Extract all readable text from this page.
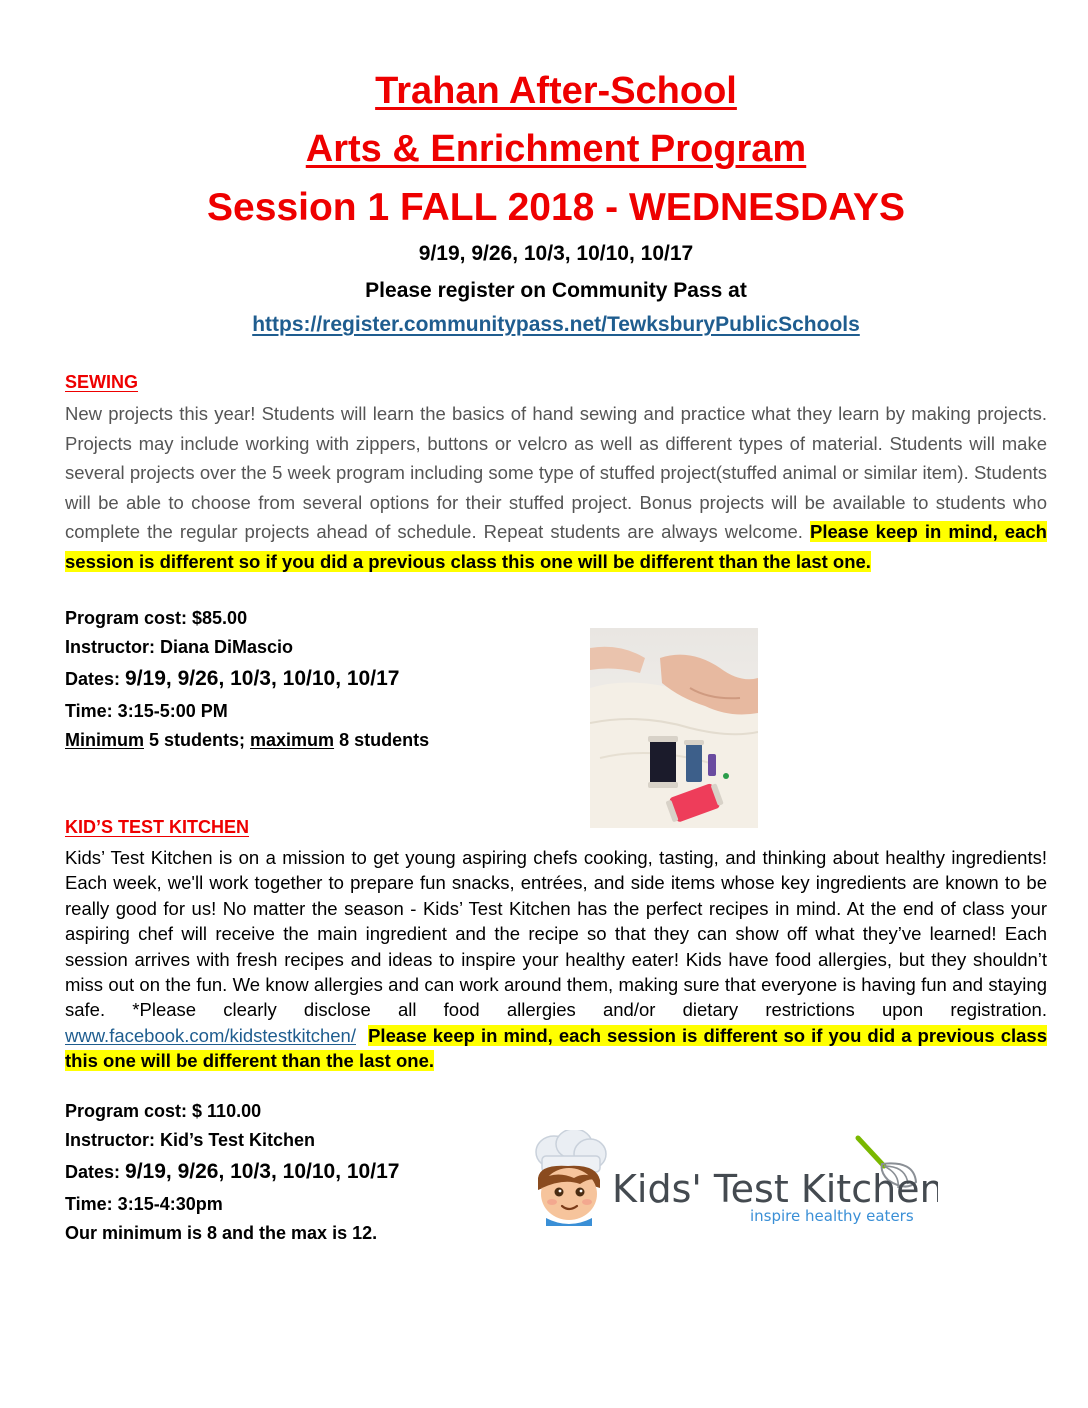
Trahan After-School
Arts & Enrichment Program
Session 1 FALL 2018 - WEDNESDAYS
9/19, 9/26, 10/3, 10/10, 10/17
Please register on Community Pass at
https://register.communitypass.net/TewksburyPublicSchools
SEWING
New projects this year! Students will learn the basics of hand sewing and practice what they learn by making projects. Projects may include working with zippers, buttons or velcro as well as different types of material. Students will make several projects over the 5 week program including some type of stuffed project(stuffed animal or similar item). Students will be able to choose from several options for their stuffed project. Bonus projects will be available to students who complete the regular projects ahead of schedule. Repeat students are always welcome. Please keep in mind, each session is different so if you did a previous class this one will be different than the last one.
Program cost: $85.00
Instructor: Diana DiMascio
Dates: 9/19, 9/26, 10/3, 10/10, 10/17
Time: 3:15-5:00 PM
Minimum 5 students; maximum 8 students
KID’S TEST KITCHEN
Kids’ Test Kitchen is on a mission to get young aspiring chefs cooking, tasting, and thinking about healthy ingredients! Each week, we'll work together to prepare fun snacks, entrées, and side items whose key ingredients are known to be really good for us! No matter the season - Kids’ Test Kitchen has the perfect recipes in mind. At the end of class your aspiring chef will receive the main ingredient and the recipe so that they can show off what they’ve learned! Each session arrives with fresh recipes and ideas to inspire your healthy eater! Kids have food allergies, but they shouldn’t miss out on the fun. We know allergies and can work around them, making sure that everyone is having fun and staying safe. *Please clearly disclose all food allergies and/or dietary restrictions upon registration. www.facebook.com/kidstestkitchen/ Please keep in mind, each session is different so if you did a previous class this one will be different than the last one.
Program cost: $ 110.00
Instructor: Kid’s Test Kitchen
Dates: 9/19, 9/26, 10/3, 10/10, 10/17
Time: 3:15-4:30pm
Our minimum is 8 and the max is 12.
Kids' Test Kitchen
inspire healthy eaters
